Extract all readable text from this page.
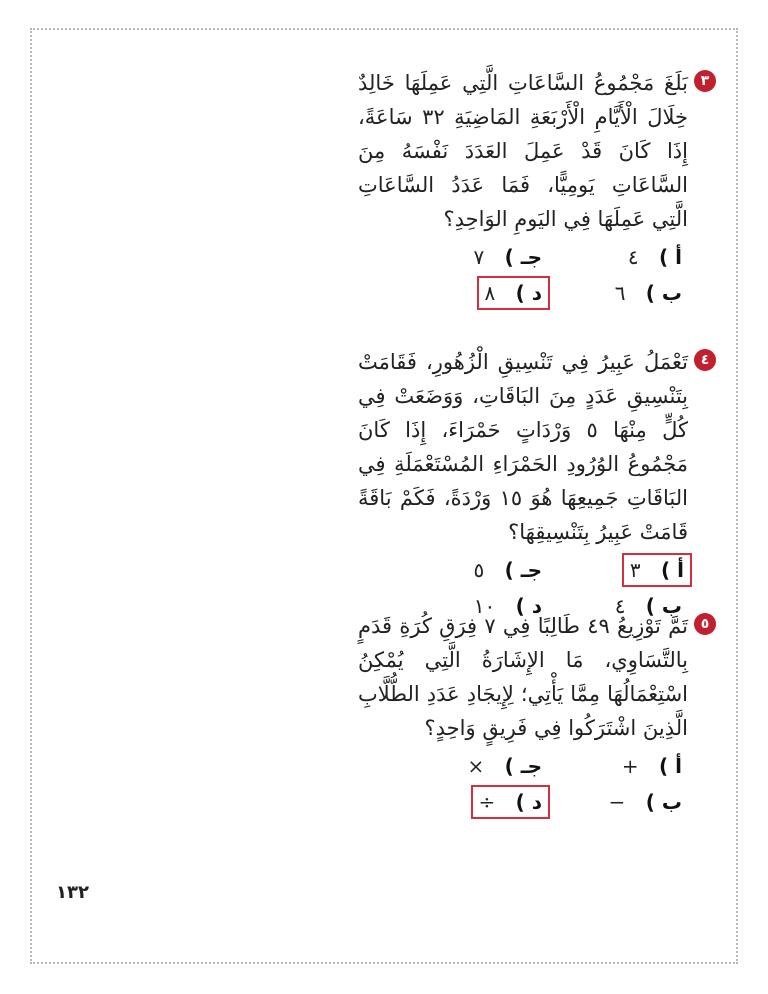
٣

بَلَغَ مَجْمُوعُ السَّاعَاتِ الَّتِي عَمِلَهَا خَالِدٌ خِلَالَ الْأَيَّامِ الْأَرْبَعَةِ المَاضِيَةِ ٣٢ سَاعَةً، إِذَا كَانَ قَدْ عَمِلَ العَدَدَ نَفْسَهُ مِنَ السَّاعَاتِ يَومِيًّا، فَمَا عَدَدُ السَّاعَاتِ الَّتِي عَمِلَهَا فِي اليَومِ الوَاحِدِ؟

أ ) ٤
جـ ) ٧
ب ) ٦
د ) ٨
٤

تَعْمَلُ عَبِيرُ فِي تَنْسِيقِ الْزُهُورِ، فَقَامَتْ بِتَنْسِيقِ عَدَدٍ مِنَ البَاقَاتِ، وَوَضَعَتْ فِي كُلٍّ مِنْهَا ٥ وَرْدَاتٍ حَمْرَاءَ، إِذَا كَانَ مَجْمُوعُ الوُرُودِ الحَمْرَاءِ المُسْتَعْمَلَةِ فِي البَاقَاتِ جَمِيعِهَا هُوَ ١٥ وَرْدَةً، فَكَمْ بَاقَةً قَامَتْ عَبِيرُ بِتَنْسِيقِهَا؟

أ ) ٣
جـ ) ٥
ب ) ٤
د ) ١٠
٥

تَمَّ تَوْزِيعُ ٤٩ طَالِبًا فِي ٧ فِرَقِ كُرَةِ قَدَمٍ بِالتَّسَاوِي، مَا الإِشَارَةُ الَّتِي يُمْكِنُ اسْتِعْمَالُهَا مِمَّا يَأْتِي؛ لِإِيجَادِ عَدَدِ الطُّلَّابِ الَّذِينَ اشْتَرَكُوا فِي فَرِيقٍ وَاحِدٍ؟

أ ) +
جـ ) ×
ب ) −
د ) ÷
١٣٢
